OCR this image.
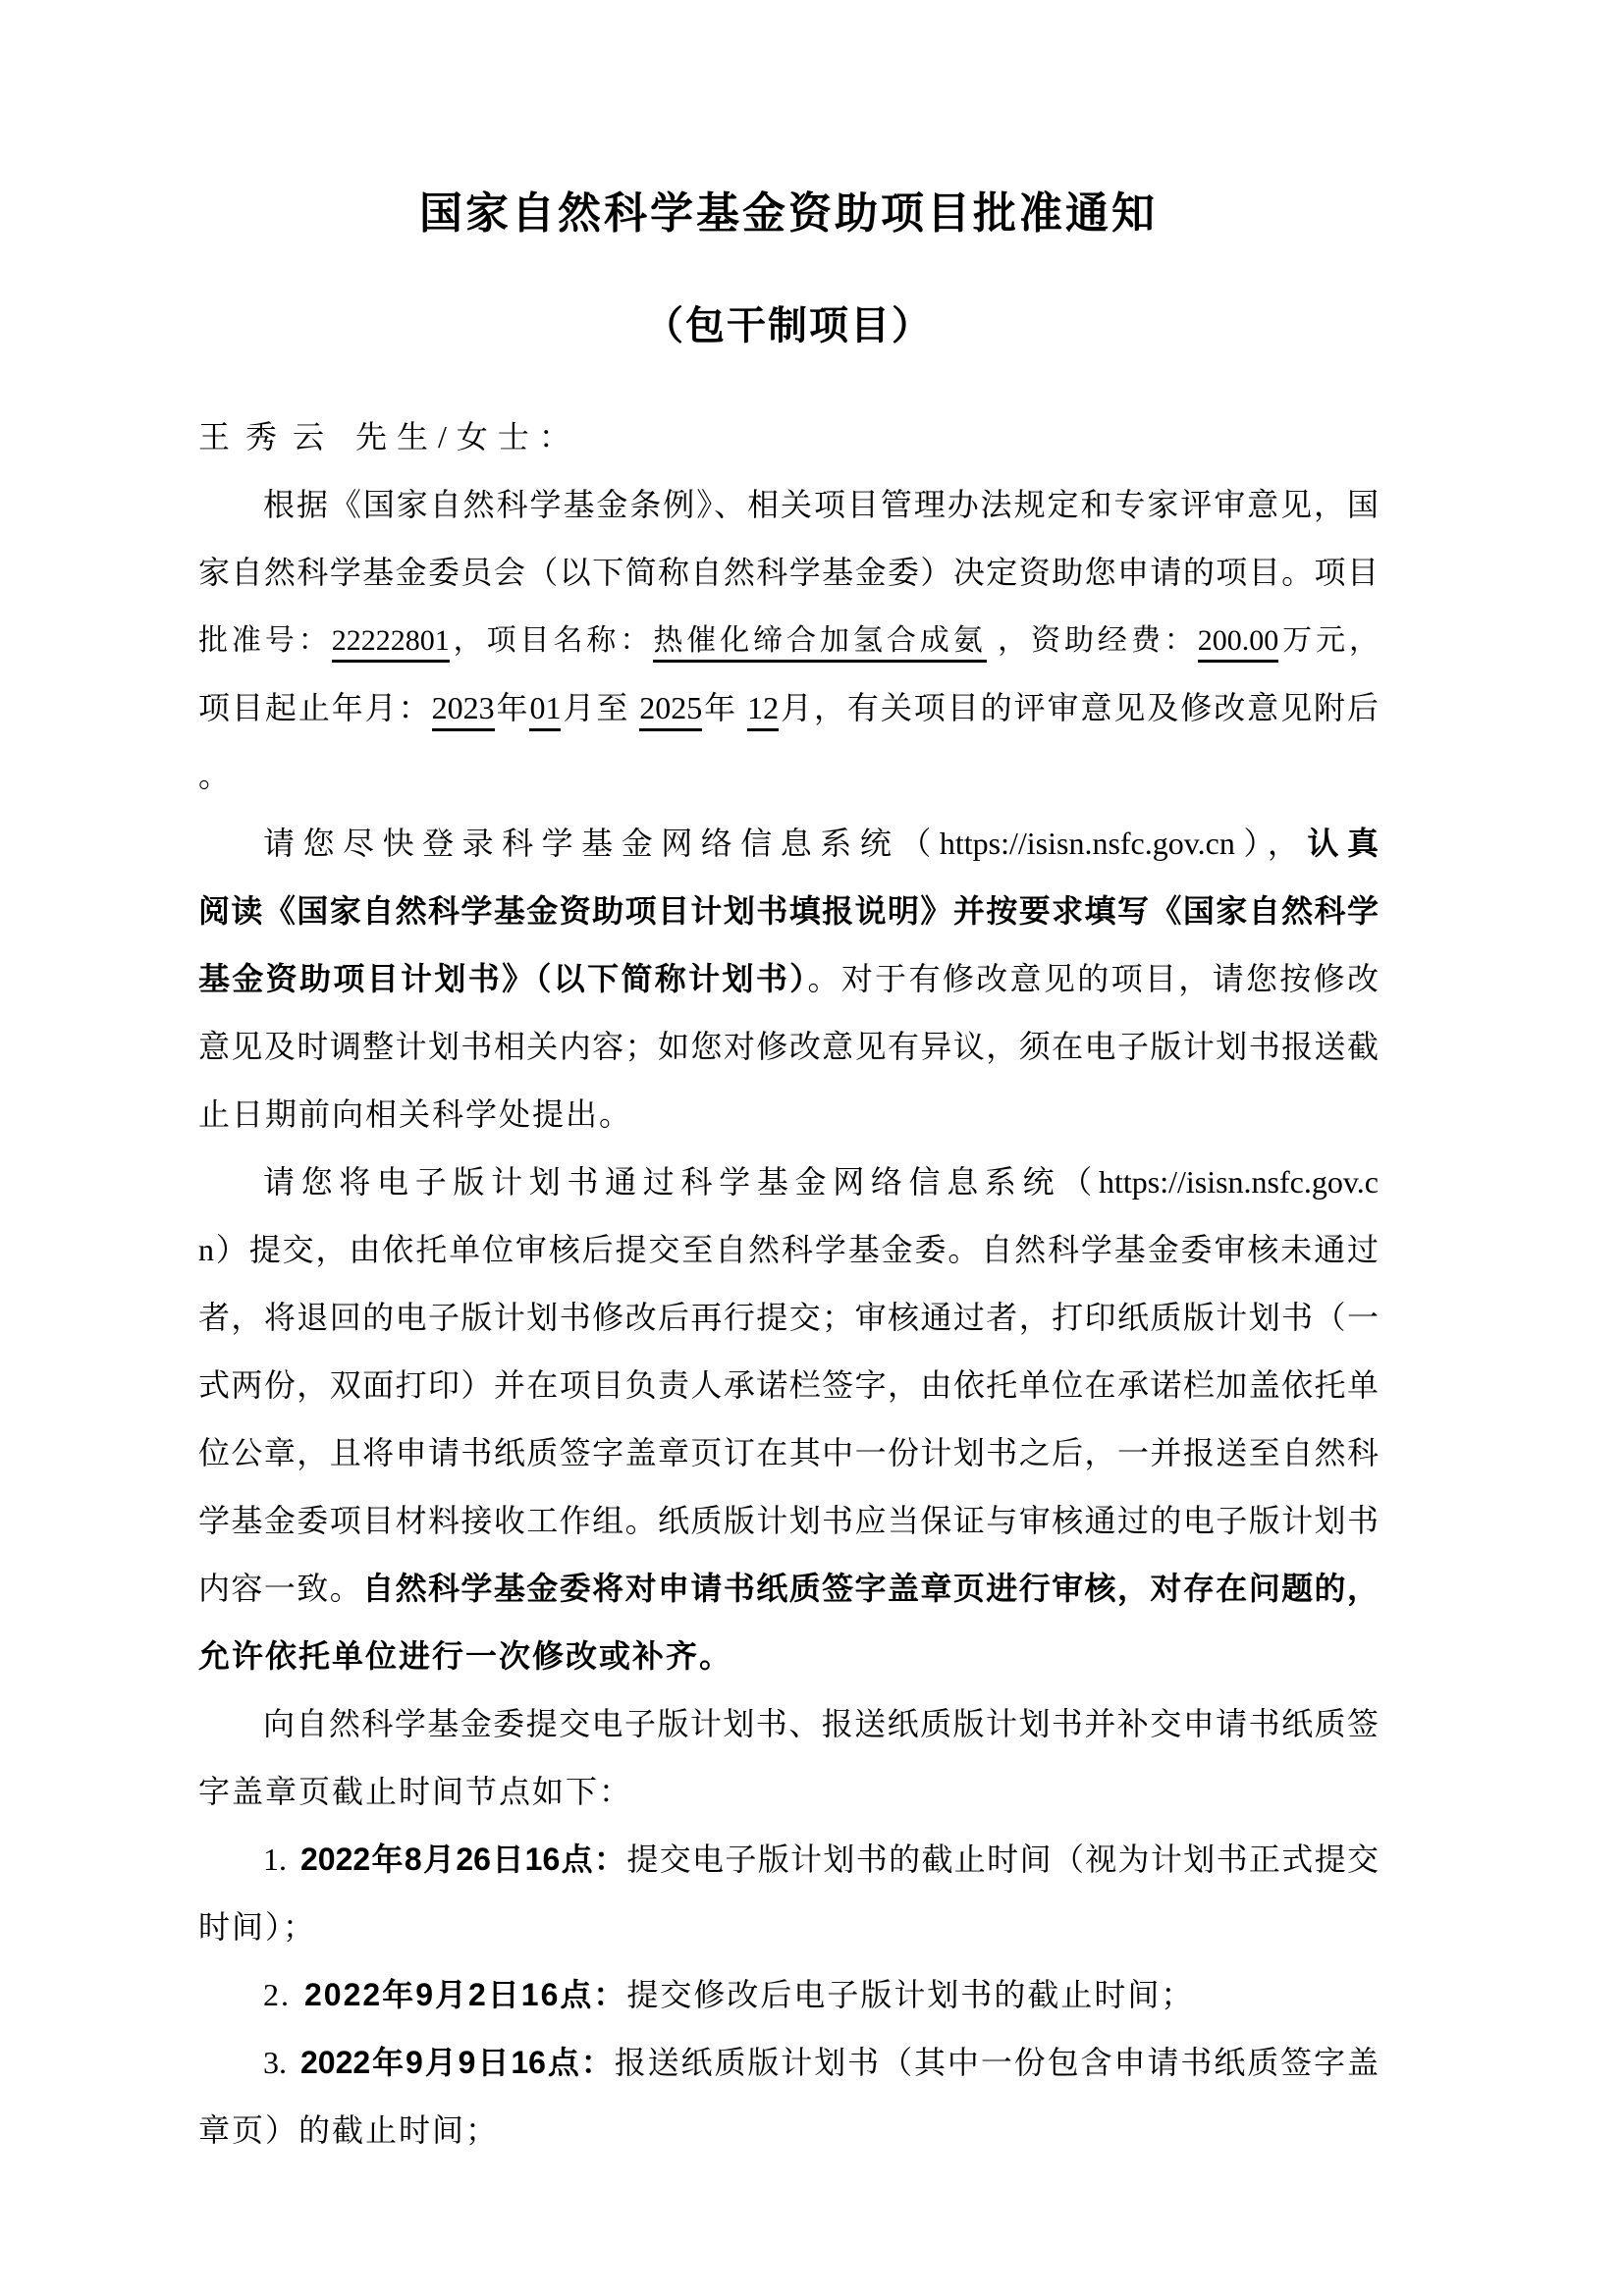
国家自然科学基金资助项目批准通知
（包干制项目）
王秀云 先生/女士：
根据《国家自然科学基金条例》、相关项目管理办法规定和专家评审意见，国
家自然科学基金委员会（以下简称自然科学基金委）决定资助您申请的项目。项目
批准号：22222801，项目名称：热催化缔合加氢合成氨 ，资助经费：200.00万元，
项目起止年月：2023年01月至 2025年 12月，有关项目的评审意见及修改意见附后
。
请您尽快登录科学基金网络信息系统（https://isisn.nsfc.gov.cn），认真
阅读《国家自然科学基金资助项目计划书填报说明》并按要求填写《国家自然科学
基金资助项目计划书》（以下简称计划书）。对于有修改意见的项目，请您按修改
意见及时调整计划书相关内容；如您对修改意见有异议，须在电子版计划书报送截
止日期前向相关科学处提出。
请您将电子版计划书通过科学基金网络信息系统（https://isisn.nsfc.gov.c
n）提交，由依托单位审核后提交至自然科学基金委。自然科学基金委审核未通过
者，将退回的电子版计划书修改后再行提交；审核通过者，打印纸质版计划书（一
式两份，双面打印）并在项目负责人承诺栏签字，由依托单位在承诺栏加盖依托单
位公章，且将申请书纸质签字盖章页订在其中一份计划书之后，一并报送至自然科
学基金委项目材料接收工作组。纸质版计划书应当保证与审核通过的电子版计划书
内容一致。自然科学基金委将对申请书纸质签字盖章页进行审核，对存在问题的，
允许依托单位进行一次修改或补齐。
向自然科学基金委提交电子版计划书、报送纸质版计划书并补交申请书纸质签
字盖章页截止时间节点如下：
1. 2022年8月26日16点：提交电子版计划书的截止时间（视为计划书正式提交
时间）；
2. 2022年9月2日16点：提交修改后电子版计划书的截止时间；
3. 2022年9月9日16点：报送纸质版计划书（其中一份包含申请书纸质签字盖
章页）的截止时间；
